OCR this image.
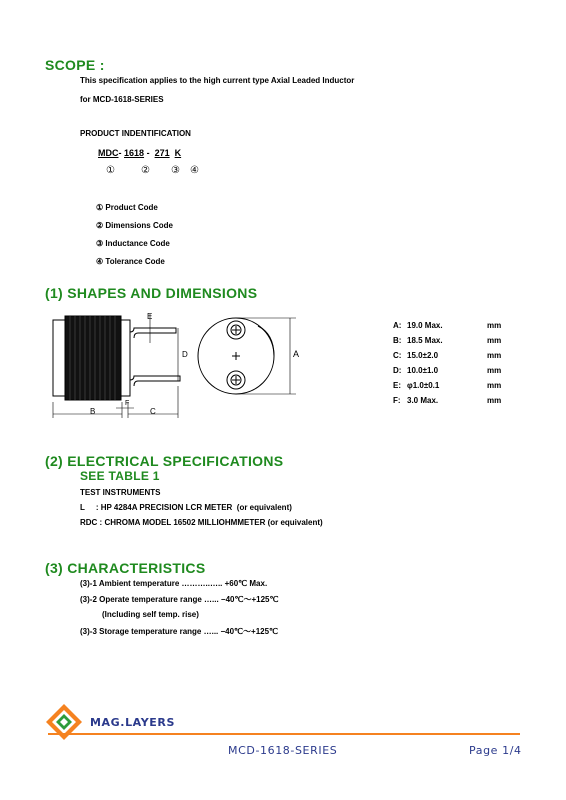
SCOPE :
This specification applies to the high current type Axial Leaded Inductor
for MCD-1618-SERIES
PRODUCT INDENTIFICATION
MDC- 1618 - 271 K
①	② ③ ④
① Product Code
② Dimensions Code
③ Inductance Code
④ Tolerance Code
(1) SHAPES AND DIMENSIONS
E
D
B
F
C
A
A: 19.0 Max.	mm
B: 18.5 Max.	mm
C: 15.0±2.0	mm
D: 10.0±1.0	mm
E: φ1.0±0.1	mm
F: 3.0 Max.	mm
(2) ELECTRICAL SPECIFICATIONS
SEE TABLE 1
TEST INSTRUMENTS
L     : HP 4284A PRECISION LCR METER  (or equivalent)
RDC : CHROMA MODEL 16502 MILLIOHMMETER (or equivalent)
(3) CHARACTERISTICS
(3)-1 Ambient temperature ………..….. +60℃ Max.
(3)-2 Operate temperature range …... −40℃～+125℃
(Including self temp. rise)
(3)-3 Storage temperature range …... −40℃～+125℃
MAG.LAYERS
MCD-1618-SERIES	Page 1/4
